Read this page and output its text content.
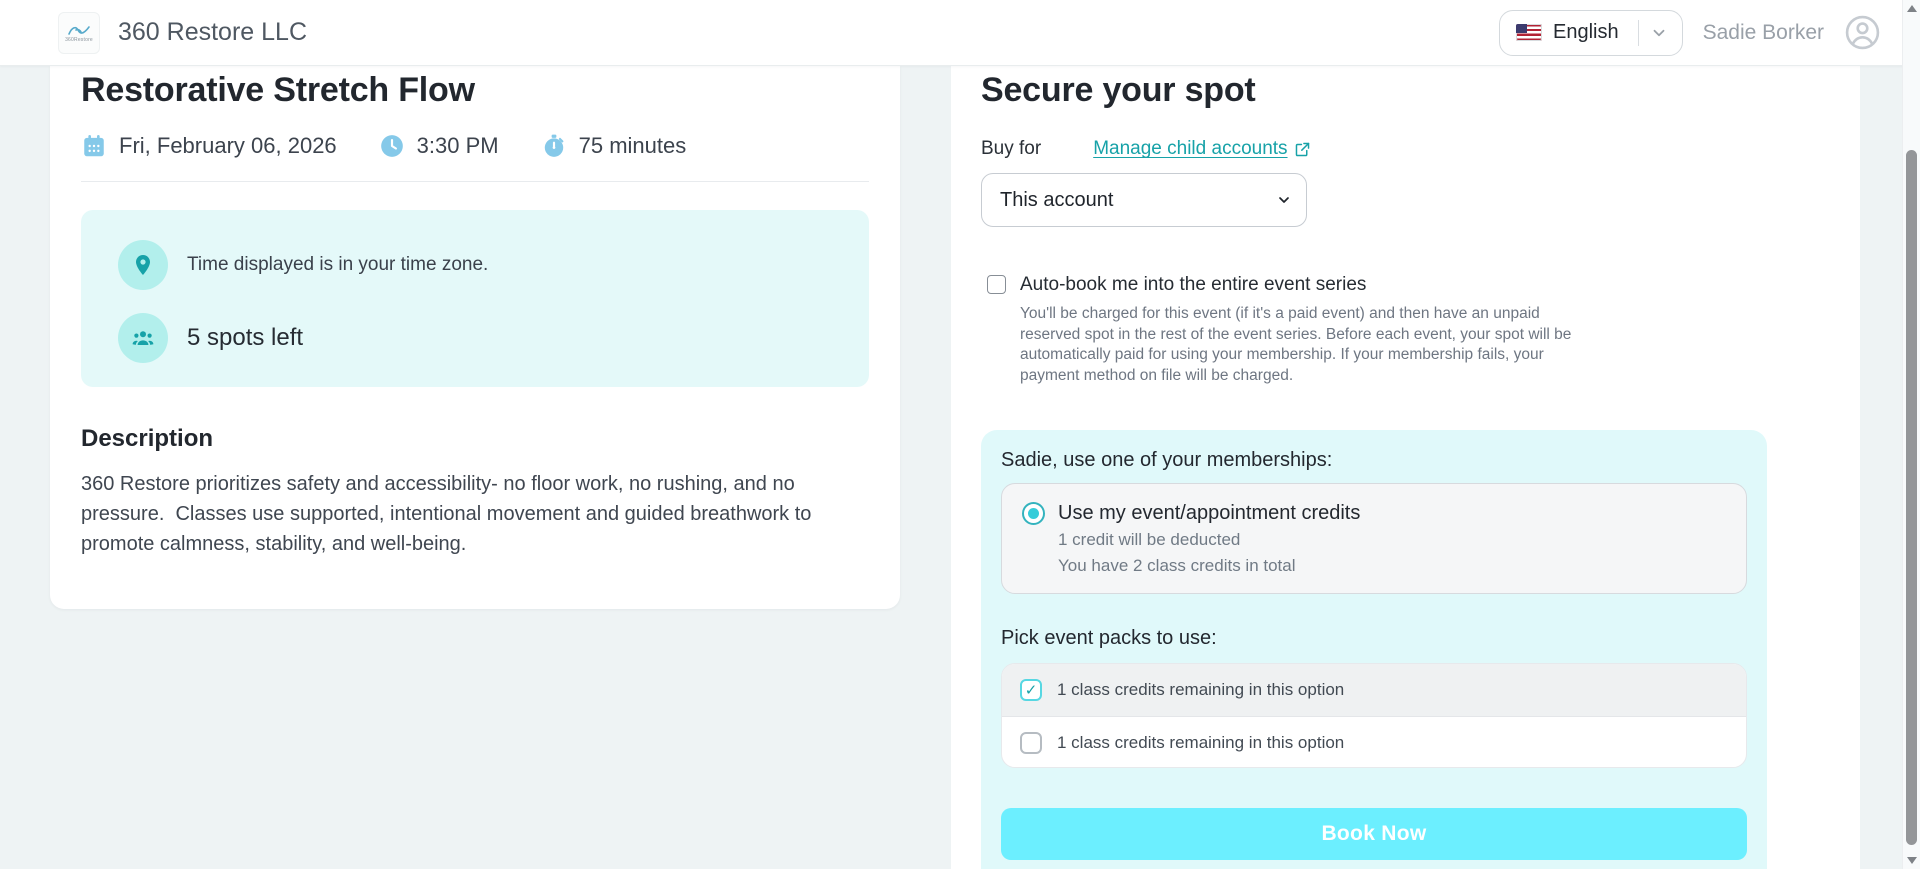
360Restore 360 Restore LLC	English	Sadie Borker
Restorative Stretch Flow
Fri, February 06, 2026	3:30 PM	75 minutes
Time displayed is in your time zone.
5 spots left
Description

360 Restore prioritizes safety and accessibility- no floor work, no rushing, and no pressure.  Classes use supported, intentional movement and guided breathwork to promote calmness, stability, and well-being.

Secure your spot
Buy for	Manage child accounts
This account
Auto-book me into the entire event series

You'll be charged for this event (if it's a paid event) and then have an unpaid reserved spot in the rest of the event series. Before each event, your spot will be automatically paid for using your membership. If your membership fails, your payment method on file will be charged.

Sadie, use one of your memberships:
Use my event/appointment credits
1 credit will be deducted
You have 2 class credits in total
Pick event packs to use:
✓ 1 class credits remaining in this option
1 class credits remaining in this option
Book Now
